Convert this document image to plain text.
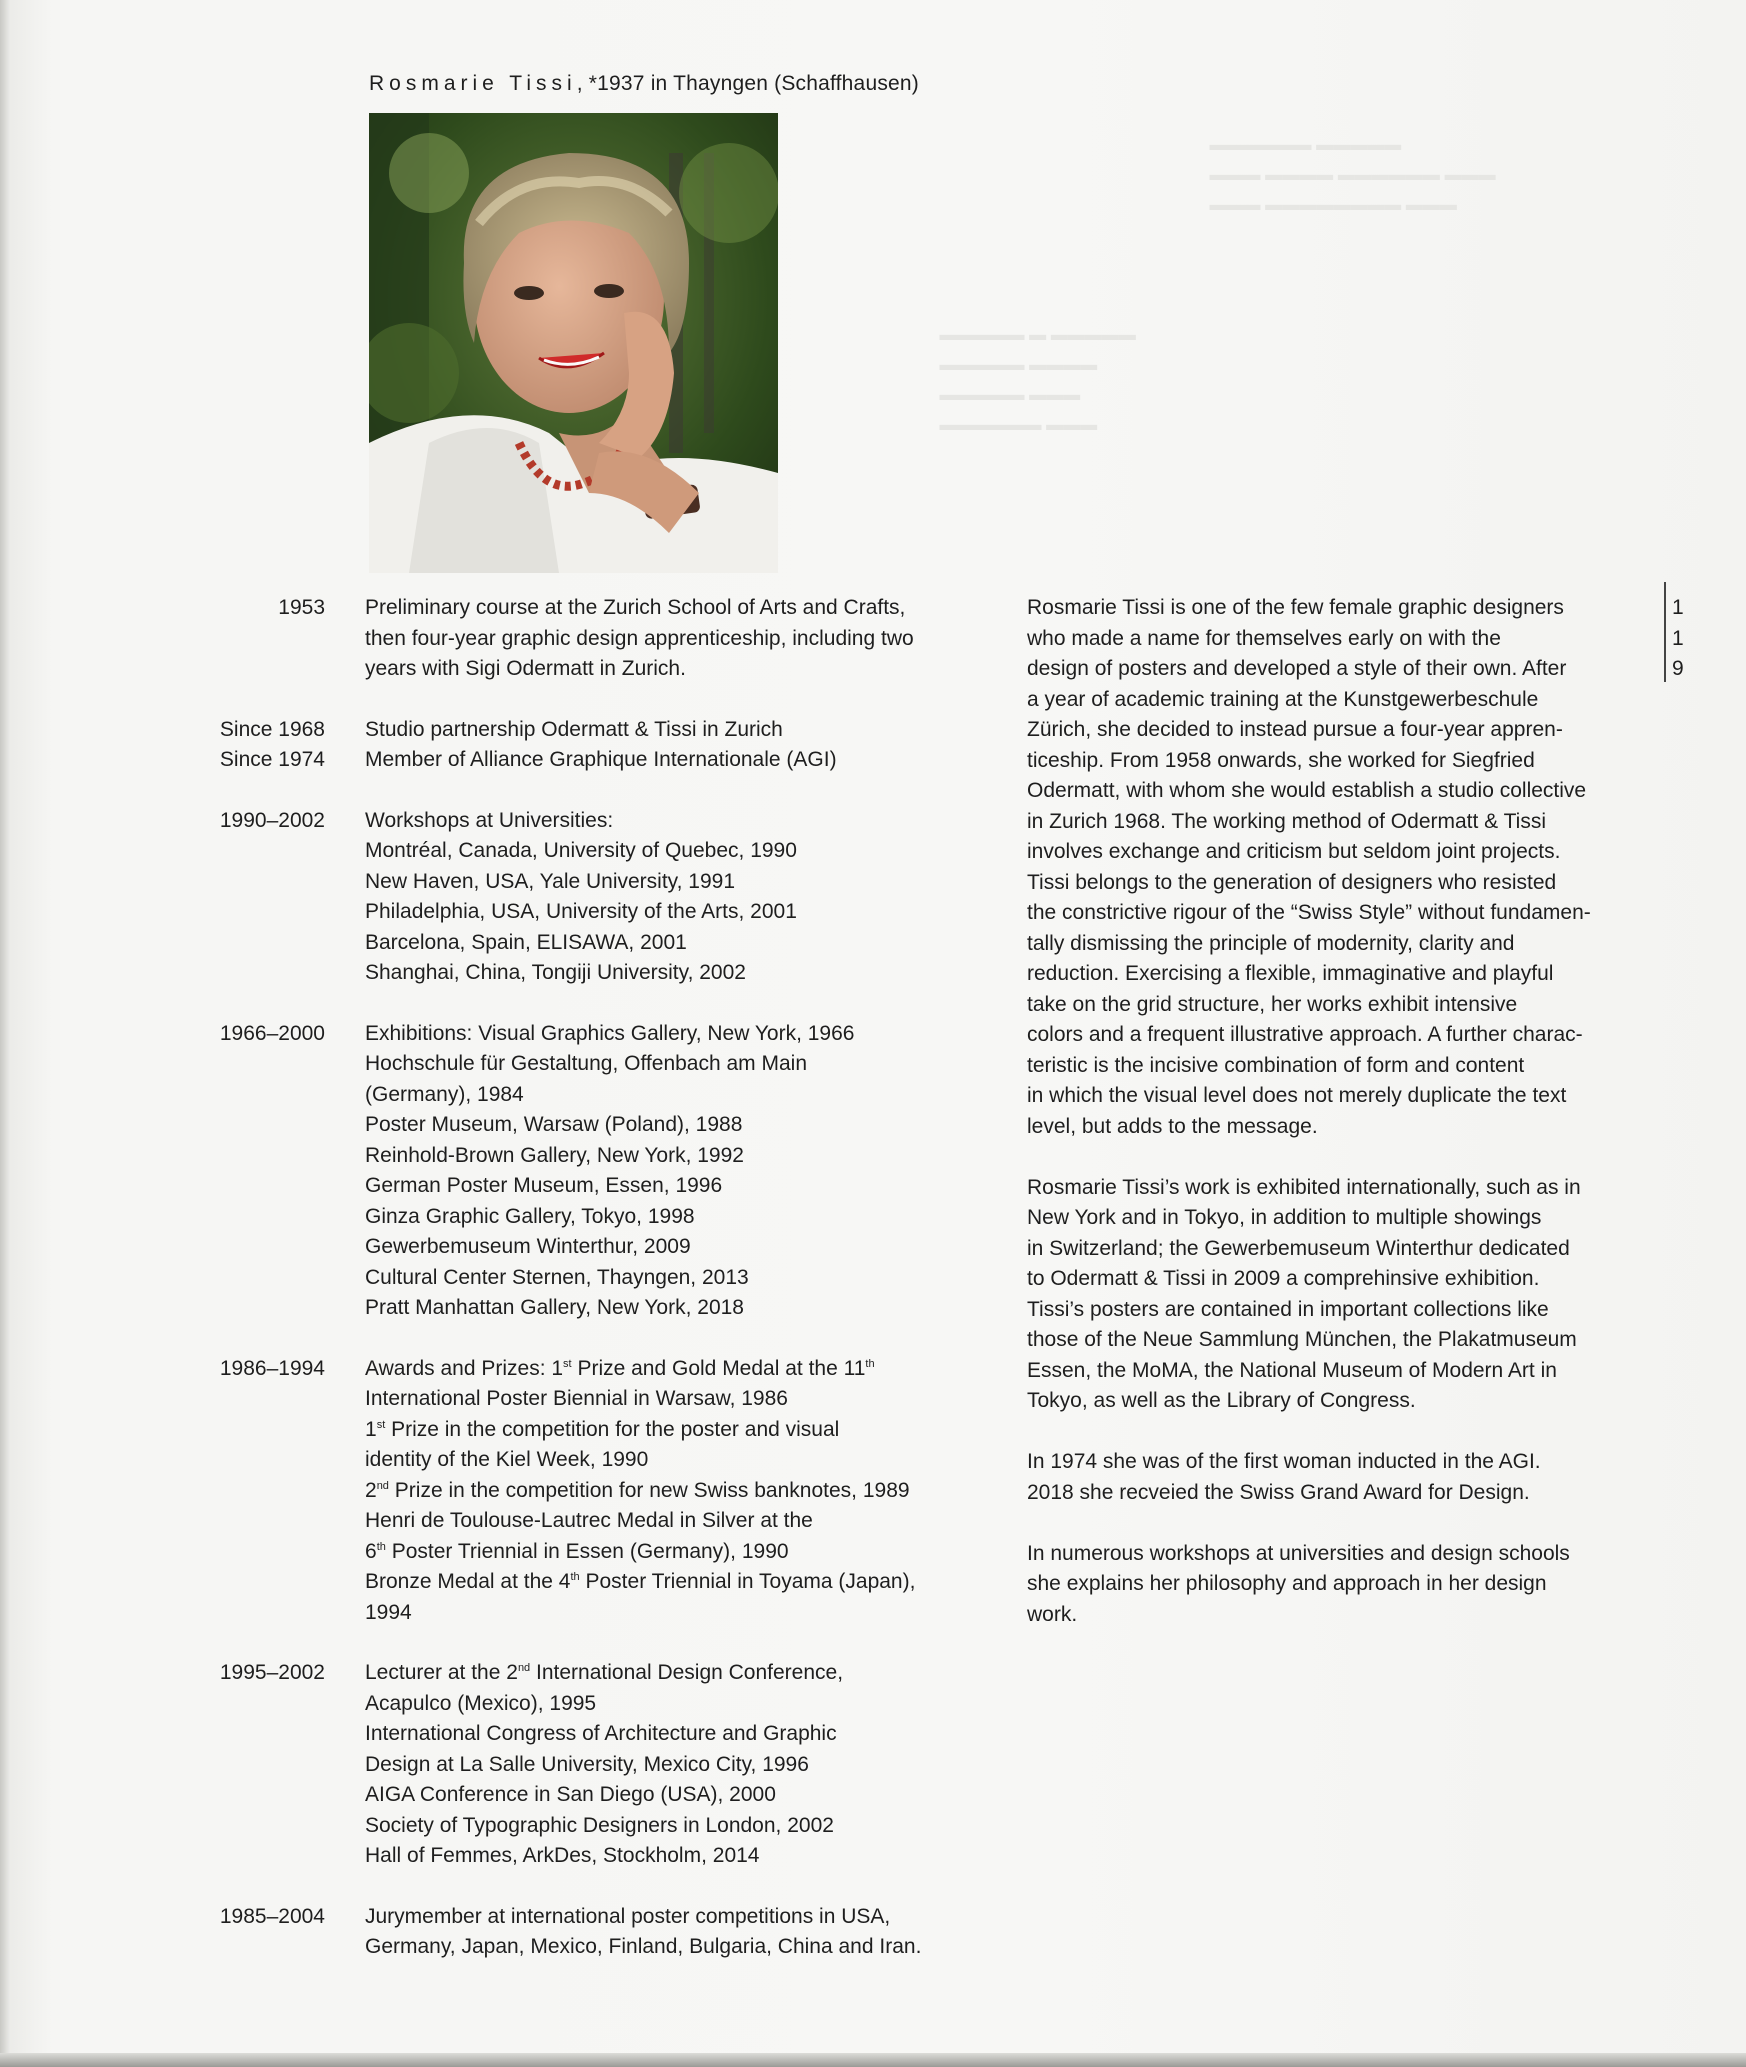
Rosmarie Tissi, *1937 in Thayngen (Schaffhausen)

▬▬▬▬▬▬ ▬▬▬▬▬
▬▬▬ ▬▬▬▬ ▬▬▬▬▬▬ ▬▬▬
▬▬▬ ▬▬▬▬▬▬▬▬ ▬▬▬

▬▬▬▬▬ ▬ ▬▬▬▬▬
▬▬▬▬▬ ▬▬▬▬
▬▬▬▬▬ ▬▬▬
▬▬▬▬▬▬ ▬▬▬

1953	Preliminary course at the Zurich School of Arts and Crafts,
then four-year graphic design apprenticeship, including two
years with Sigi Odermatt in Zurich.
Since 1968	Studio partnership Odermatt & Tissi in Zurich
Since 1974	Member of Alliance Graphique Internationale (AGI)
1990–2002	Workshops at Universities:
Montréal, Canada, University of Quebec, 1990
New Haven, USA, Yale University, 1991
Philadelphia, USA, University of the Arts, 2001
Barcelona, Spain, ELISAWA, 2001
Shanghai, China, Tongiji University, 2002
1966–2000	Exhibitions: Visual Graphics Gallery, New York, 1966
Hochschule für Gestaltung, Offenbach am Main
(Germany), 1984
Poster Museum, Warsaw (Poland), 1988
Reinhold-Brown Gallery, New York, 1992
German Poster Museum, Essen, 1996
Ginza Graphic Gallery, Tokyo, 1998
Gewerbemuseum Winterthur, 2009
Cultural Center Sternen, Thayngen, 2013
Pratt Manhattan Gallery, New York, 2018
1986–1994	Awards and Prizes: 1st Prize and Gold Medal at the 11th
International Poster Biennial in Warsaw, 1986
1st Prize in the competition for the poster and visual
identity of the Kiel Week, 1990
2nd Prize in the competition for new Swiss banknotes, 1989
Henri de Toulouse-Lautrec Medal in Silver at the
6th Poster Triennial in Essen (Germany), 1990
Bronze Medal at the 4th Poster Triennial in Toyama (Japan),
1994
1995–2002	Lecturer at the 2nd International Design Conference,
Acapulco (Mexico), 1995
International Congress of Architecture and Graphic
Design at La Salle University, Mexico City, 1996
AIGA Conference in San Diego (USA), 2000
Society of Typographic Designers in London, 2002
Hall of Femmes, ArkDes, Stockholm, 2014
1985–2004	Jurymember at international poster competitions in USA,
Germany, Japan, Mexico, Finland, Bulgaria, China and Iran.

Rosmarie Tissi is one of the few female graphic designers
who made a name for themselves early on with the
design of posters and developed a style of their own. After
a year of academic training at the Kunstgewerbeschule
Zürich, she decided to instead pursue a four-year appren-
ticeship. From 1958 onwards, she worked for Siegfried
Odermatt, with whom she would establish a studio collective
in Zurich 1968. The working method of Odermatt & Tissi
involves exchange and criticism but seldom joint projects.
Tissi belongs to the generation of designers who resisted
the constrictive rigour of the “Swiss Style” without fundamen-
tally dismissing the principle of modernity, clarity and
reduction. Exercising a flexible, immaginative and playful
take on the grid structure, her works exhibit intensive
colors and a frequent illustrative approach. A further charac-
teristic is the incisive combination of form and content
in which the visual level does not merely duplicate the text
level, but adds to the message.

Rosmarie Tissi’s work is exhibited internationally, such as in
New York and in Tokyo, in addition to multiple showings
in Switzerland; the Gewerbemuseum Winterthur dedicated
to Odermatt & Tissi in 2009 a comprehinsive exhibition.
Tissi’s posters are contained in important collections like
those of the Neue Sammlung München, the Plakatmuseum
Essen, the MoMA, the National Museum of Modern Art in
Tokyo, as well as the Library of Congress.

In 1974 she was of the first woman inducted in the AGI.
2018 she recveied the Swiss Grand Award for Design.

In numerous workshops at universities and design schools
she explains her philosophy and approach in her design
work.

1
1
9
